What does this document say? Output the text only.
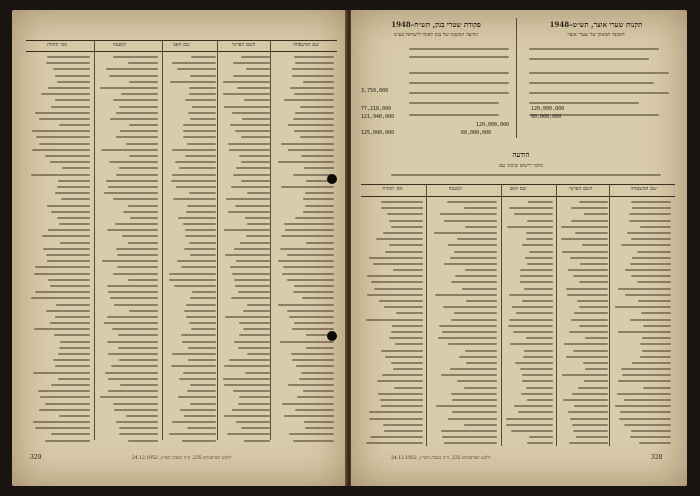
שם המשפחה
השם הפרטי
שם האב
המענה
מס׳ הזהות
329	ילקוט הפרסומים 235, כ״ה בטבת תשי״ג, 24.12.1952
תקנות שערי אוצר, תש״ט–1948
המבנה המאוזן של שערי אוצר
פקודת שטרי בנק, תש״ח–1948
הודעה המשנה של בנק לאומי לישראל בע״מ
3,750,000
77,218,000
121,940,000
120,000,000
125,000,000
120,000,000
90,000,000
60,000,000
הודעה
בדבר רישום שיכוני עם
שם המשפחה
השם הפרטי
שם האב
המענה
מס׳ הזהות
328
ילקוט הפרסומים 235, כ״ה בטבת תשי״ג, 24.12.1952
